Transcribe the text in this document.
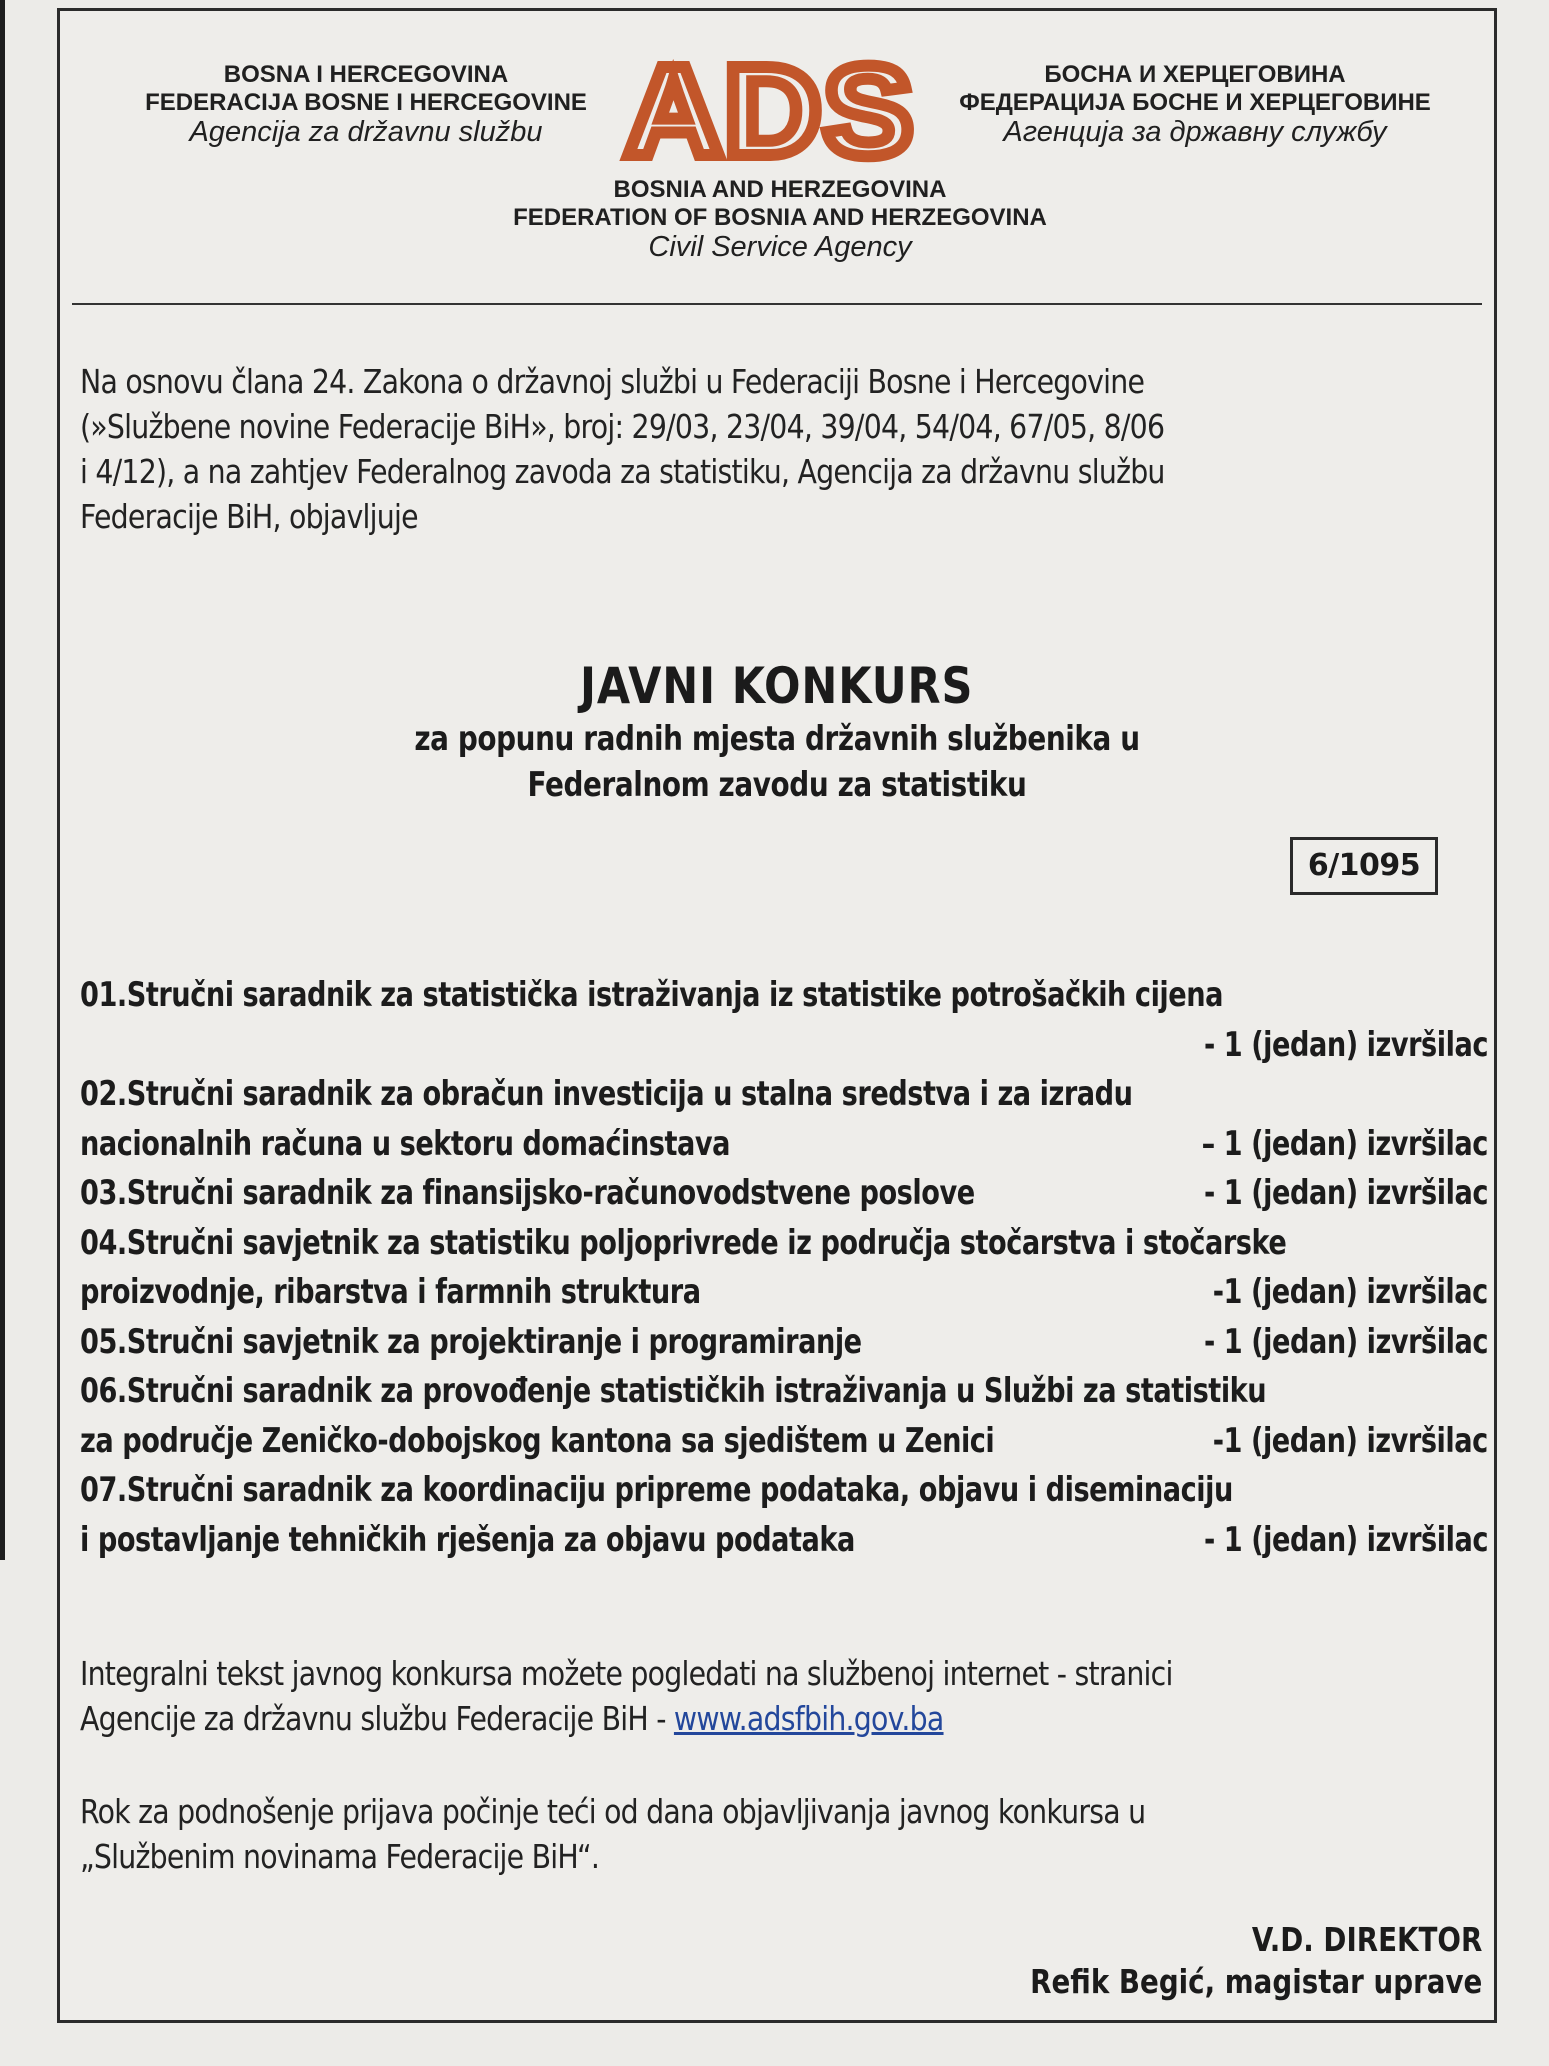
BOSNA I HERCEGOVINA
FEDERACIJA BOSNE I HERCEGOVINE
Agencija za državnu službu ADS	БОСНА И ХЕРЦЕГОВИНА
ФЕДЕРАЦИЈА БОСНЕ И ХЕРЦЕГОВИНЕ
Агенција за државну службу
BOSNIA AND HERZEGOVINA
FEDERATION OF BOSNIA AND HERZEGOVINA
Civil Service Agency
Na osnovu člana 24. Zakona o državnoj službi u Federaciji Bosne i Hercegovine
(»Službene novine Federacije BiH», broj: 29/03, 23/04, 39/04, 54/04, 67/05, 8/06
i 4/12), a na zahtjev Federalnog zavoda za statistiku, Agencija za državnu službu
Federacije BiH, objavljuje
JAVNI KONKURS
za popunu radnih mjesta državnih službenika u
Federalnom zavodu za statistiku
6/1095
01.Stručni saradnik za statistička istraživanja iz statistike potrošačkih cijena
- 1 (jedan) izvršilac
02.Stručni saradnik za obračun investicija u stalna sredstva i za izradu
nacionalnih računa u sektoru domaćinstava	– 1 (jedan) izvršilac
03.Stručni saradnik za finansijsko-računovodstvene poslove	- 1 (jedan) izvršilac
04.Stručni savjetnik za statistiku poljoprivrede iz područja stočarstva i stočarske
proizvodnje, ribarstva i farmnih struktura	-1 (jedan) izvršilac
05.Stručni savjetnik za projektiranje i programiranje	- 1 (jedan) izvršilac
06.Stručni saradnik za provođenje statističkih istraživanja u Službi za statistiku
za područje Zeničko-dobojskog kantona sa sjedištem u Zenici	-1 (jedan) izvršilac
07.Stručni saradnik za koordinaciju pripreme podataka, objavu i diseminaciju
i postavljanje tehničkih rješenja za objavu podataka	- 1 (jedan) izvršilac
Integralni tekst javnog konkursa možete pogledati na službenoj internet - stranici
Agencije za državnu službu Federacije BiH - www.adsfbih.gov.ba
Rok za podnošenje prijava počinje teći od dana objavljivanja javnog konkursa u
„Službenim novinama Federacije BiH“.
V.D. DIREKTOR
Refik Begić, magistar uprave
